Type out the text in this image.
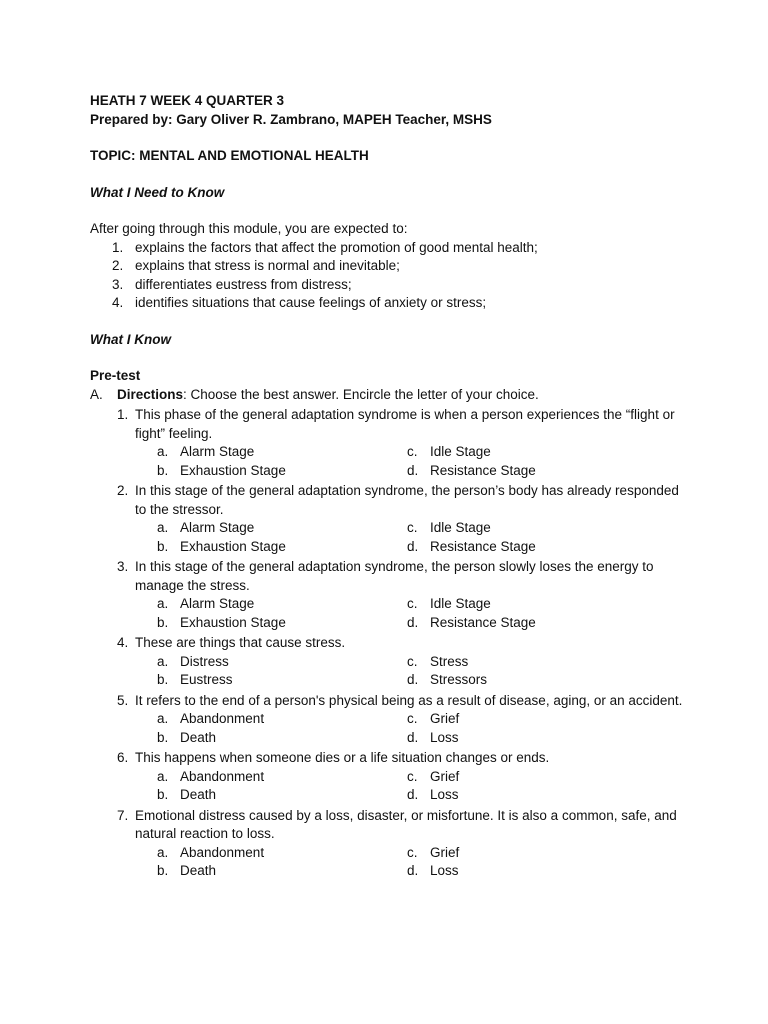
HEATH 7 WEEK 4 QUARTER 3
Prepared by: Gary Oliver R. Zambrano, MAPEH Teacher, MSHS
TOPIC: MENTAL AND EMOTIONAL HEALTH
What I Need to Know
After going through this module, you are expected to:
1. explains the factors that affect the promotion of good mental health;
2. explains that stress is normal and inevitable;
3. differentiates eustress from distress;
4. identifies situations that cause feelings of anxiety or stress;
What I Know
Pre-test
A. Directions: Choose the best answer. Encircle the letter of your choice.
1. This phase of the general adaptation syndrome is when a person experiences the “flight or fight” feeling.
a. Alarm Stage	c. Idle Stage
b. Exhaustion Stage	d. Resistance Stage
2. In this stage of the general adaptation syndrome, the person’s body has already responded to the stressor.
a. Alarm Stage	c. Idle Stage
b. Exhaustion Stage	d. Resistance Stage
3. In this stage of the general adaptation syndrome, the person slowly loses the energy to manage the stress.
a. Alarm Stage	c. Idle Stage
b. Exhaustion Stage	d. Resistance Stage
4. These are things that cause stress.
a. Distress	c. Stress
b. Eustress	d. Stressors
5. It refers to the end of a person's physical being as a result of disease, aging, or an accident.
a. Abandonment	c. Grief
b. Death	d. Loss
6. This happens when someone dies or a life situation changes or ends.
a. Abandonment	c. Grief
b. Death	d. Loss
7. Emotional distress caused by a loss, disaster, or misfortune. It is also a common, safe, and natural reaction to loss.
a. Abandonment	c. Grief
b. Death	d. Loss
